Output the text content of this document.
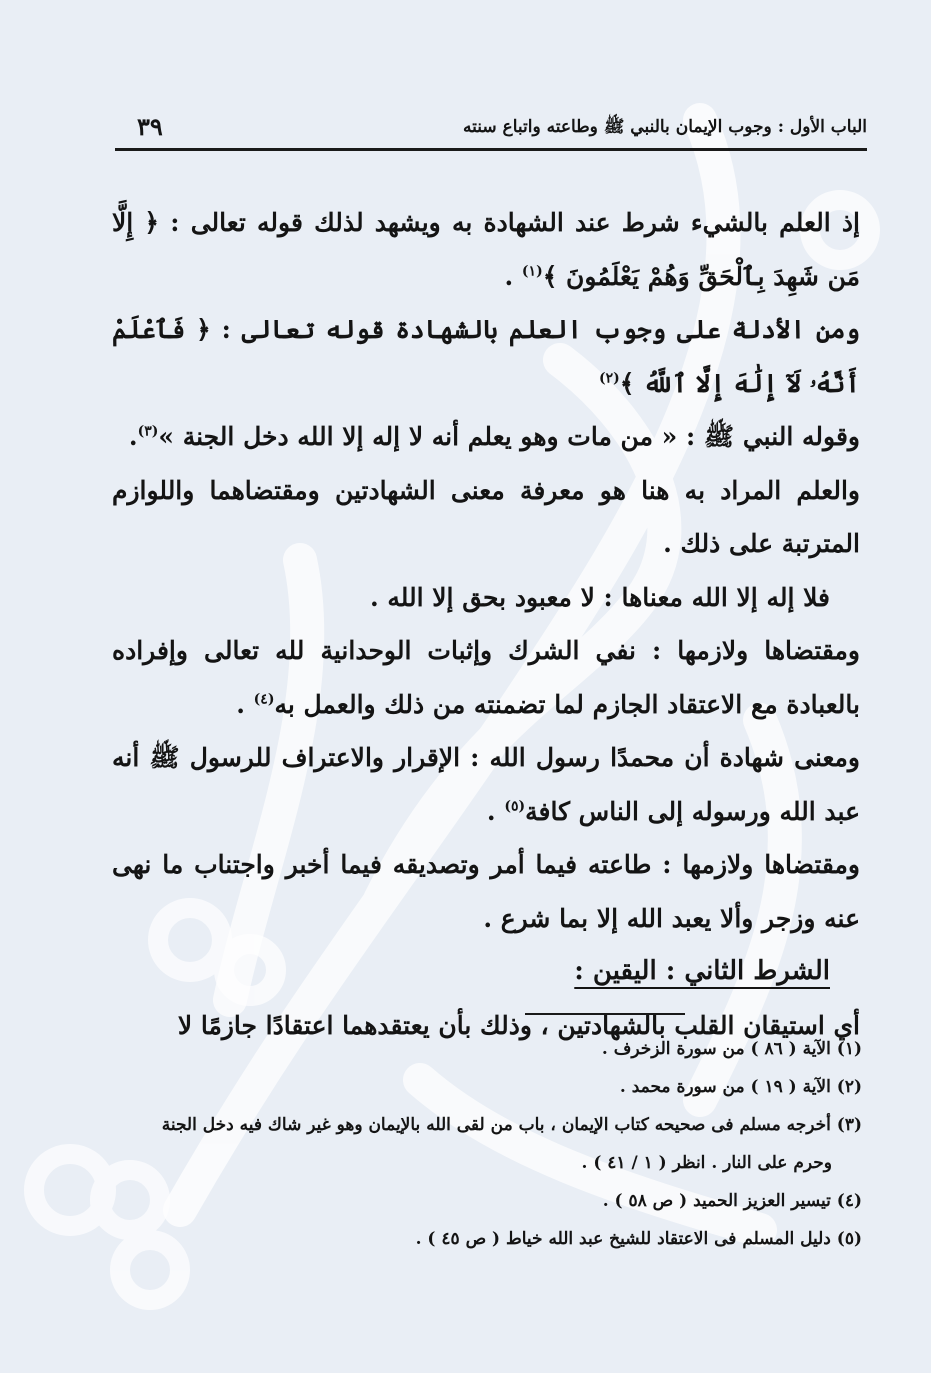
٣٩	الباب الأول : وجوب الإيمان بالنبي ﷺ وطاعته واتباع سنته

إذ العلم بالشيء شرط عند الشهادة به ويشهد لذلك قوله تعالى : ﴿ إِلَّا مَن شَهِدَ بِٱلْحَقِّ وَهُمْ يَعْلَمُونَ ﴾$^{(١)}$ .

ومن الأدلة على وجوب العلم بالشهادة قوله تعالى : ﴿ فَٱعْلَمْ أَنَّهُۥ لَآ إِلَٰهَ إِلَّا ٱللَّهُ ﴾$^{(٢)}$

وقوله النبي ﷺ : « من مات وهو يعلم أنه لا إله إلا الله دخل الجنة »$^{(٣)}$.

والعلم المراد به هنا هو معرفة معنى الشهادتين ومقتضاهما واللوازم المترتبة على ذلك .

فلا إله إلا الله معناها : لا معبود بحق إلا الله .

ومقتضاها ولازمها : نفي الشرك وإثبات الوحدانية لله تعالى وإفراده بالعبادة مع الاعتقاد الجازم لما تضمنته من ذلك والعمل به$^{(٤)}$ .

ومعنى شهادة أن محمدًا رسول الله : الإقرار والاعتراف للرسول ﷺ أنه عبد الله ورسوله إلى الناس كافة$^{(٥)}$ .

ومقتضاها ولازمها : طاعته فيما أمر وتصديقه فيما أخبر واجتناب ما نهى عنه وزجر وألا يعبد الله إلا بما شرع .

الشرط الثاني : اليقين :

أي استيقان القلب بالشهادتين ، وذلك بأن يعتقدهما اعتقادًا جازمًا لا

(١) الآية ( ٨٦ ) من سورة الزخرف .
(٢) الآية ( ١٩ ) من سورة محمد .
(٣) أخرجه مسلم فى صحيحه كتاب الإيمان ، باب من لقى الله بالإيمان وهو غير شاك فيه دخل الجنة
وحرم على النار . انظر ( ١ / ٤١ ) .
(٤) تيسير العزيز الحميد ( ص ٥٨ ) .
(٥) دليل المسلم فى الاعتقاد للشيخ عبد الله خياط ( ص ٤٥ ) .
